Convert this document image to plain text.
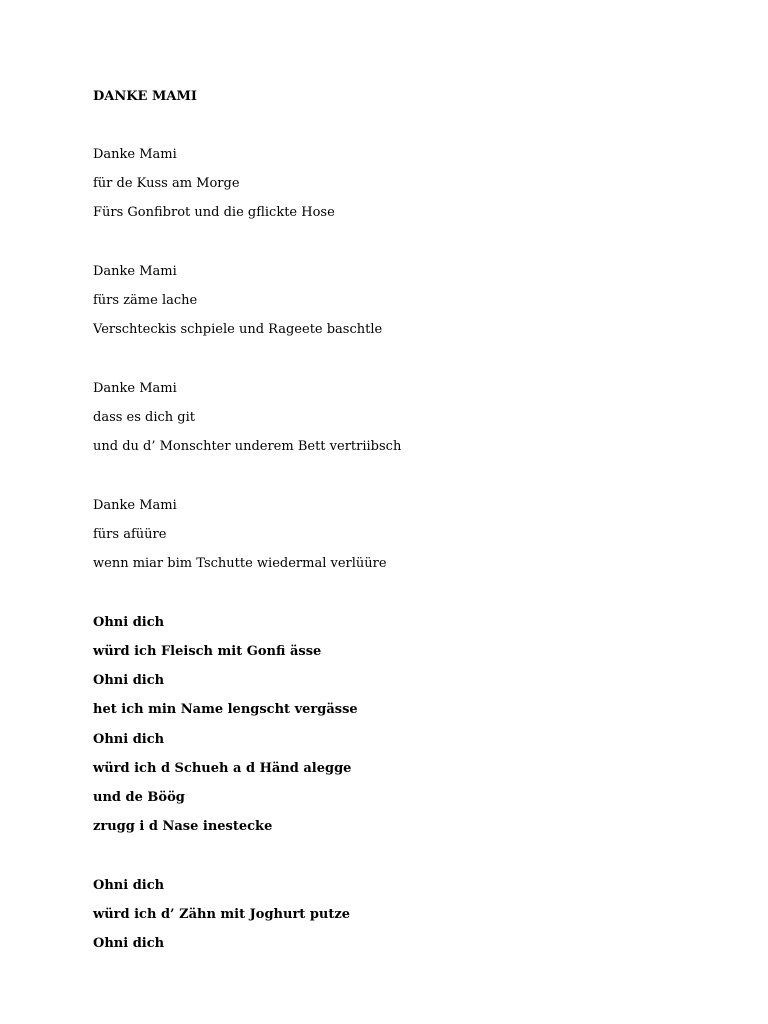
DANKE MAMI
Danke Mami
für de Kuss am Morge
Fürs Gonfibrot und die gflickte Hose
Danke Mami
fürs zäme lache
Verschteckis schpiele und Rageete baschtle
Danke Mami
dass es dich git
und du d’ Monschter underem Bett vertriibsch
Danke Mami
fürs afüüre
wenn miar bim Tschutte wiedermal verlüüre
Ohni dich
würd ich Fleisch mit Gonfi ässe
Ohni dich
het ich min Name lengscht vergässe
Ohni dich
würd ich d Schueh a d Händ alegge
und de Böög
zrugg i d Nase inestecke
Ohni dich
würd ich d’ Zähn mit Joghurt putze
Ohni dich
